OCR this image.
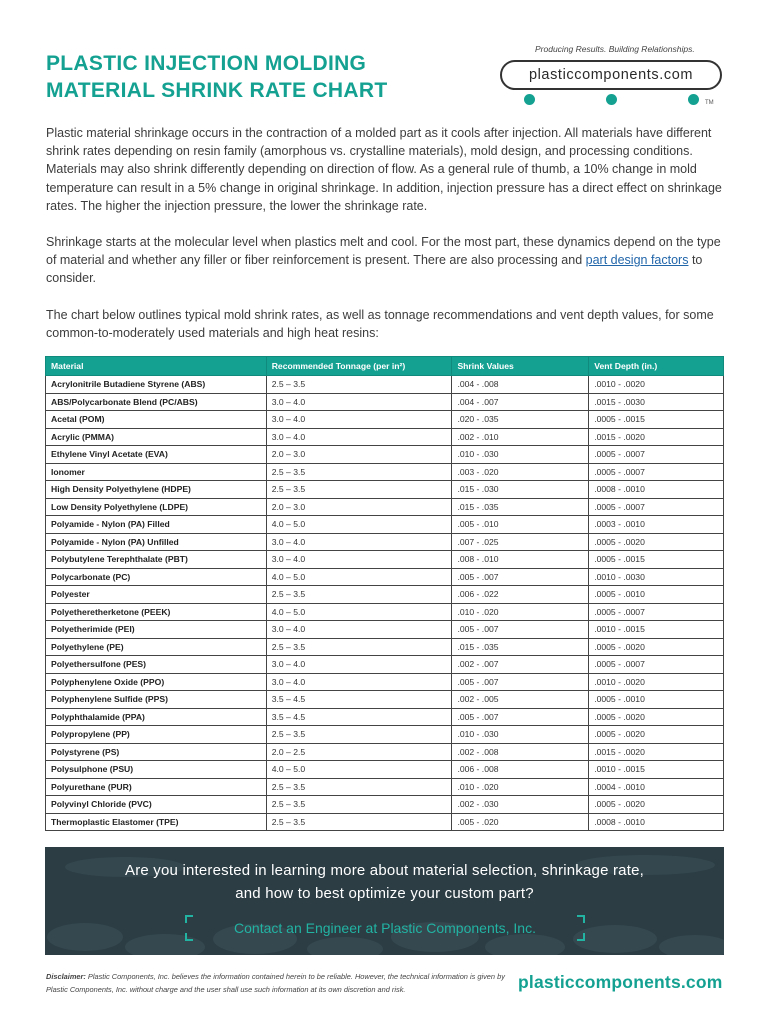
PLASTIC INJECTION MOLDING
MATERIAL SHRINK RATE CHART
Producing Results. Building Relationships.
plasticcomponents.com
TM

Plastic material shrinkage occurs in the contraction of a molded part as it cools after injection. All materials have different shrink rates depending on resin family (amorphous vs. crystalline materials), mold design, and processing conditions. Materials may also shrink differently depending on direction of flow. As a general rule of thumb, a 10% change in mold temperature can result in a 5% change in original shrinkage. In addition, injection pressure has a direct effect on shrinkage rates. The higher the injection pressure, the lower the shrinkage rate.

Shrinkage starts at the molecular level when plastics melt and cool. For the most part, these dynamics depend on the type of material and whether any filler or fiber reinforcement is present. There are also processing and part design factors to consider.

The chart below outlines typical mold shrink rates, as well as tonnage recommendations and vent depth values, for some common-to-moderately used materials and high heat resins:

Material	Recommended Tonnage (per in²)	Shrink Values	Vent Depth (in.)
Acrylonitrile Butadiene Styrene (ABS)	2.5 – 3.5	.004 - .008	.0010 - .0020
ABS/Polycarbonate Blend (PC/ABS)	3.0 – 4.0	.004 - .007	.0015 - .0030
Acetal (POM)	3.0 – 4.0	.020 - .035	.0005 - .0015
Acrylic (PMMA)	3.0 – 4.0	.002 - .010	.0015 - .0020
Ethylene Vinyl Acetate (EVA)	2.0 – 3.0	.010 - .030	.0005 - .0007
Ionomer	2.5 – 3.5	.003 - .020	.0005 - .0007
High Density Polyethylene (HDPE)	2.5 – 3.5	.015 - .030	.0008 - .0010
Low Density Polyethylene (LDPE)	2.0 – 3.0	.015 - .035	.0005 - .0007
Polyamide - Nylon (PA) Filled	4.0 – 5.0	.005 - .010	.0003 - .0010
Polyamide - Nylon (PA) Unfilled	3.0 – 4.0	.007 - .025	.0005 - .0020
Polybutylene Terephthalate (PBT)	3.0 – 4.0	.008 - .010	.0005 - .0015
Polycarbonate (PC)	4.0 – 5.0	.005 - .007	.0010 - .0030
Polyester	2.5 – 3.5	.006 - .022	.0005 - .0010
Polyetheretherketone (PEEK)	4.0 – 5.0	.010 - .020	.0005 - .0007
Polyetherimide (PEI)	3.0 – 4.0	.005 - .007	.0010 - .0015
Polyethylene (PE)	2.5 – 3.5	.015 - .035	.0005 - .0020
Polyethersulfone (PES)	3.0 – 4.0	.002 - .007	.0005 - .0007
Polyphenylene Oxide (PPO)	3.0 – 4.0	.005 - .007	.0010 - .0020
Polyphenylene Sulfide (PPS)	3.5 – 4.5	.002 - .005	.0005 - .0010
Polyphthalamide (PPA)	3.5 – 4.5	.005 - .007	.0005 - .0020
Polypropylene (PP)	2.5 – 3.5	.010 - .030	.0005 - .0020
Polystyrene (PS)	2.0 – 2.5	.002 - .008	.0015 - .0020
Polysulphone (PSU)	4.0 – 5.0	.006 - .008	.0010 - .0015
Polyurethane (PUR)	2.5 – 3.5	.010 - .020	.0004 - .0010
Polyvinyl Chloride (PVC)	2.5 – 3.5	.002 - .030	.0005 - .0020
Thermoplastic Elastomer (TPE)	2.5 – 3.5	.005 - .020	.0008 - .0010
Are you interested in learning more about material selection, shrinkage rate,
and how to best optimize your custom part?
Contact an Engineer at Plastic Components, Inc.

Disclaimer: Plastic Components, Inc. believes the information contained herein to be reliable. However, the technical information is given by Plastic Components, Inc. without charge and the user shall use such information at its own discretion and risk.	plasticcomponents.com
